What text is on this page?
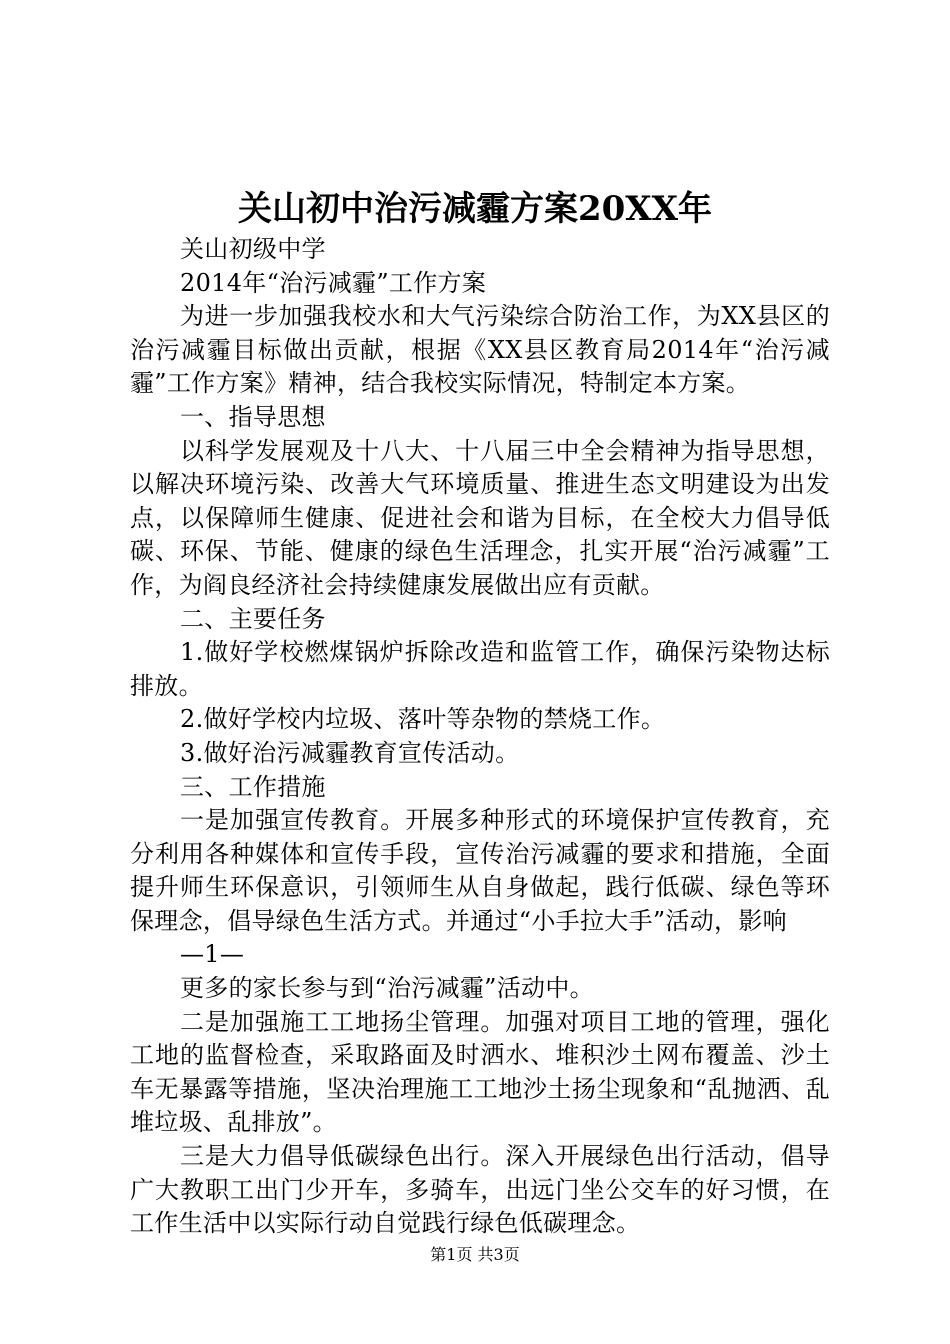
关山初中治污减霾方案20XX年

关山初级中学

2014年“治污减霾”工作方案

为进一步加强我校水和大气污染综合防治工作，为XX县区的治污减霾目标做出贡献，根据《XX县区教育局2014年“治污减霾”工作方案》精神，结合我校实际情况，特制定本方案。

一、指导思想

以科学发展观及十八大、十八届三中全会精神为指导思想，以解决环境污染、改善大气环境质量、推进生态文明建设为出发点，以保障师生健康、促进社会和谐为目标，在全校大力倡导低碳、环保、节能、健康的绿色生活理念，扎实开展“治污减霾”工作，为阎良经济社会持续健康发展做出应有贡献。

二、主要任务

1.做好学校燃煤锅炉拆除改造和监管工作，确保污染物达标排放。

2.做好学校内垃圾、落叶等杂物的禁烧工作。

3.做好治污减霾教育宣传活动。

三、工作措施

一是加强宣传教育。开展多种形式的环境保护宣传教育，充分利用各种媒体和宣传手段，宣传治污减霾的要求和措施，全面提升师生环保意识，引领师生从自身做起，践行低碳、绿色等环保理念，倡导绿色生活方式。并通过“小手拉大手”活动，影响

—1—

更多的家长参与到“治污减霾”活动中。

二是加强施工工地扬尘管理。加强对项目工地的管理，强化工地的监督检查，采取路面及时洒水、堆积沙土网布覆盖、沙土车无暴露等措施，坚决治理施工工地沙土扬尘现象和“乱抛洒、乱堆垃圾、乱排放”。

三是大力倡导低碳绿色出行。深入开展绿色出行活动，倡导广大教职工出门少开车，多骑车，出远门坐公交车的好习惯，在工作生活中以实际行动自觉践行绿色低碳理念。

第1页 共3页
